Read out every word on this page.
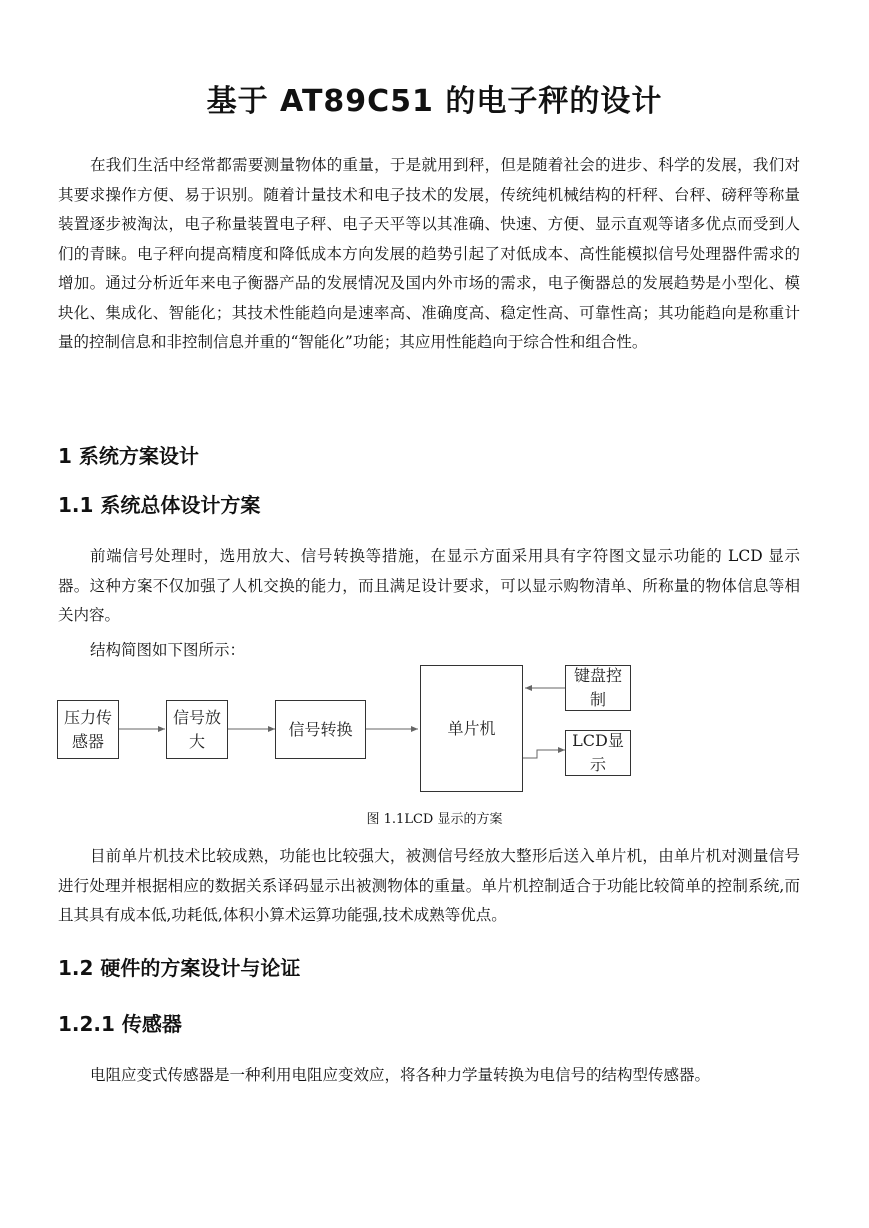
基于 AT89C51 的电子秤的设计

在我们生活中经常都需要测量物体的重量，于是就用到秤，但是随着社会的进步、科学的发展，我们对其要求操作方便、易于识别。随着计量技术和电子技术的发展，传统纯机械结构的杆秤、台秤、磅秤等称量装置逐步被淘汰，电子称量装置电子秤、电子天平等以其准确、快速、方便、显示直观等诸多优点而受到人们的青睐。电子秤向提高精度和降低成本方向发展的趋势引起了对低成本、高性能模拟信号处理器件需求的增加。通过分析近年来电子衡器产品的发展情况及国内外市场的需求，电子衡器总的发展趋势是小型化、模块化、集成化、智能化；其技术性能趋向是速率高、准确度高、稳定性高、可靠性高；其功能趋向是称重计量的控制信息和非控制信息并重的“智能化”功能；其应用性能趋向于综合性和组合性。

1 系统方案设计
1.1 系统总体设计方案

前端信号处理时，选用放大、信号转换等措施，在显示方面采用具有字符图文显示功能的 LCD 显示器。这种方案不仅加强了人机交换的能力，而且满足设计要求，可以显示购物清单、所称量的物体信息等相关内容。

结构简图如下图所示：

压力传感器
信号放大
信号转换	单片机
键盘控制
LCD显示
图 1.1LCD 显示的方案

目前单片机技术比较成熟，功能也比较强大，被测信号经放大整形后送入单片机，由单片机对测量信号进行处理并根据相应的数据关系译码显示出被测物体的重量。单片机控制适合于功能比较简单的控制系统,而且其具有成本低,功耗低,体积小算术运算功能强,技术成熟等优点。

1.2 硬件的方案设计与论证
1.2.1 传感器

电阻应变式传感器是一种利用电阻应变效应，将各种力学量转换为电信号的结构型传感器。
